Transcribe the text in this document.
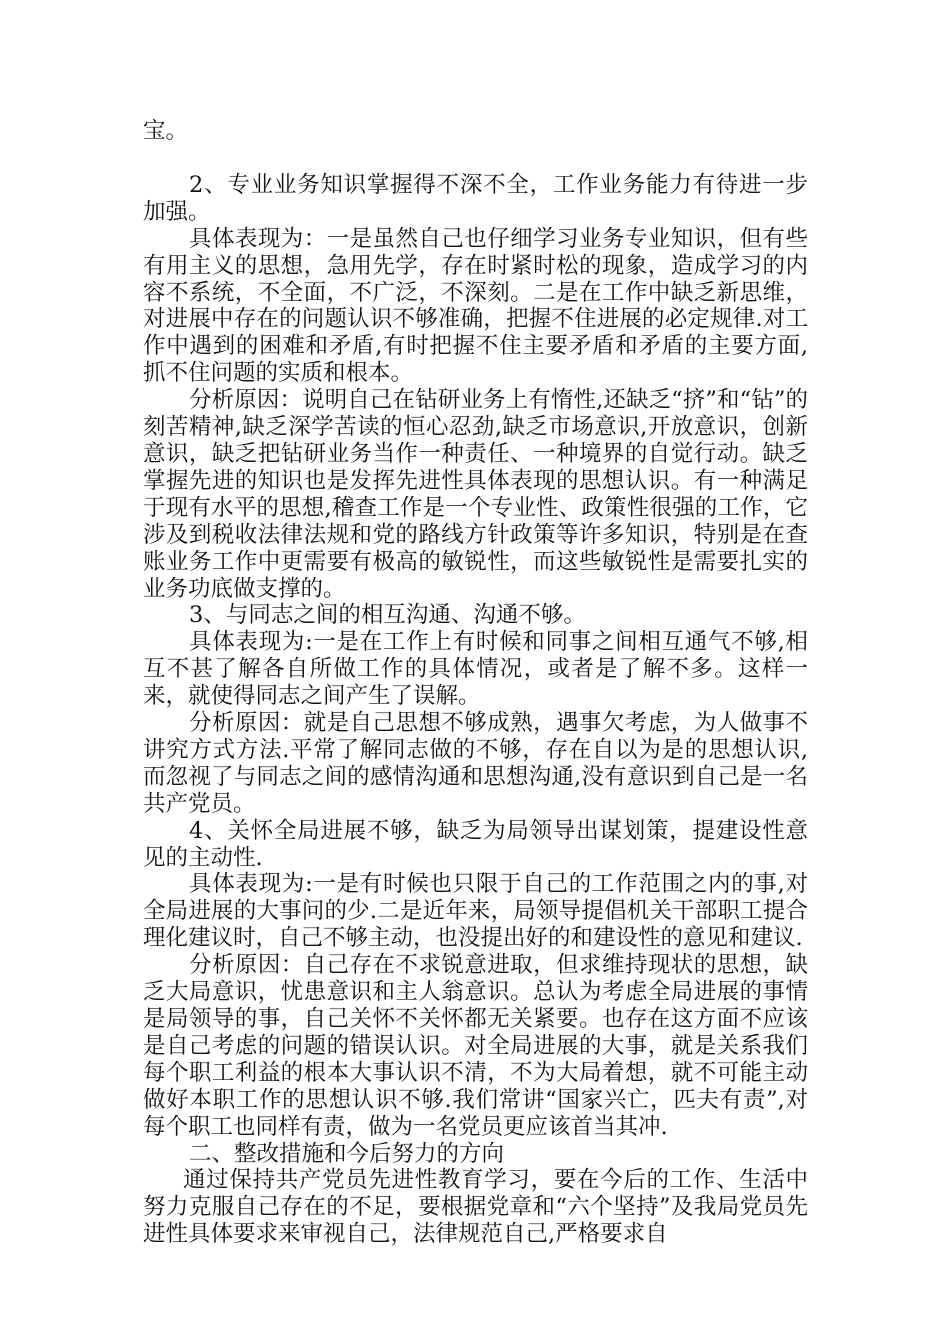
宝。

2、专业业务知识掌握得不深不全，工作业务能力有待进一步加强。

具体表现为：一是虽然自己也仔细学习业务专业知识，但有些有用主义的思想，急用先学，存在时紧时松的现象，造成学习的内容不系统，不全面，不广泛，不深刻。二是在工作中缺乏新思维，对进展中存在的问题认识不够准确，把握不住进展的必定规律.对工作中遇到的困难和矛盾,有时把握不住主要矛盾和矛盾的主要方面,抓不住问题的实质和根本。

分析原因：说明自己在钻研业务上有惰性,还缺乏“挤”和“钻”的刻苦精神,缺乏深学苦读的恒心忍劲,缺乏市场意识,开放意识，创新意识，缺乏把钻研业务当作一种责任、一种境界的自觉行动。缺乏掌握先进的知识也是发挥先进性具体表现的思想认识。有一种满足于现有水平的思想,稽查工作是一个专业性、政策性很强的工作，它涉及到税收法律法规和党的路线方针政策等许多知识，特别是在查账业务工作中更需要有极高的敏锐性，而这些敏锐性是需要扎实的业务功底做支撑的。

3、与同志之间的相互沟通、沟通不够。

具体表现为:一是在工作上有时候和同事之间相互通气不够,相互不甚了解各自所做工作的具体情况，或者是了解不多。这样一来，就使得同志之间产生了误解。

分析原因：就是自己思想不够成熟，遇事欠考虑，为人做事不讲究方式方法.平常了解同志做的不够，存在自以为是的思想认识,而忽视了与同志之间的感情沟通和思想沟通,没有意识到自己是一名共产党员。

4、关怀全局进展不够，缺乏为局领导出谋划策，提建设性意见的主动性.

具体表现为:一是有时候也只限于自己的工作范围之内的事,对全局进展的大事问的少.二是近年来，局领导提倡机关干部职工提合理化建议时，自己不够主动，也没提出好的和建设性的意见和建议.

分析原因：自己存在不求锐意进取，但求维持现状的思想，缺乏大局意识，忧患意识和主人翁意识。总认为考虑全局进展的事情是局领导的事，自己关怀不关怀都无关紧要。也存在这方面不应该是自己考虑的问题的错误认识。对全局进展的大事，就是关系我们每个职工利益的根本大事认识不清，不为大局着想，就不可能主动做好本职工作的思想认识不够.我们常讲“国家兴亡，匹夫有责”,对每个职工也同样有责，做为一名党员更应该首当其冲.

二、整改措施和今后努力的方向

通过保持共产党员先进性教育学习，要在今后的工作、生活中努力克服自己存在的不足，要根据党章和“六个坚持”及我局党员先进性具体要求来审视自己，法律规范自己,严格要求自
